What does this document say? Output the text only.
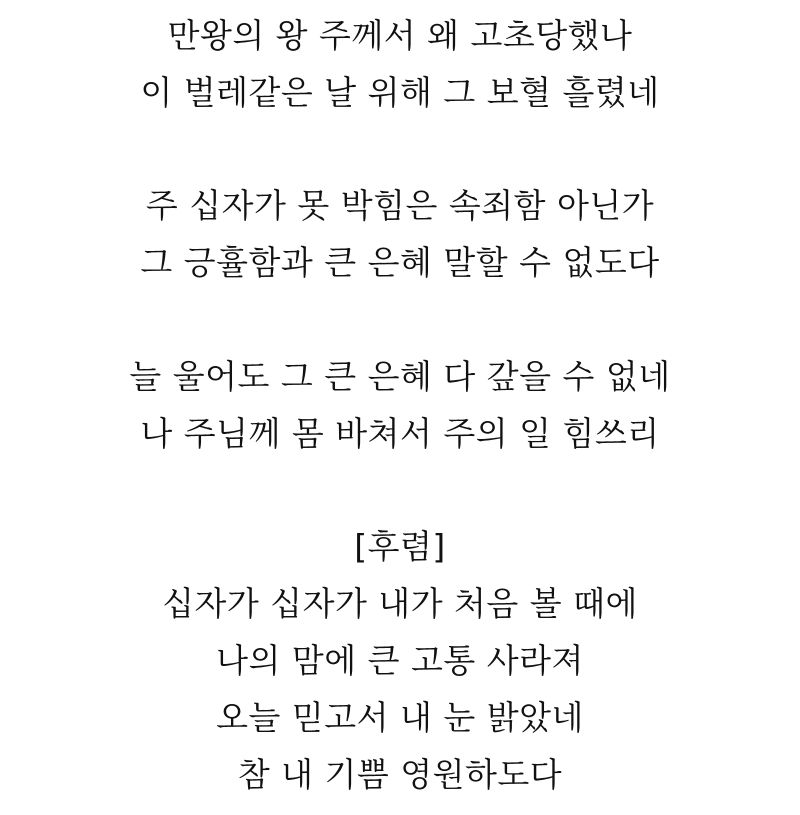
만왕의 왕 주께서 왜 고초당했나
이 벌레같은 날 위해 그 보혈 흘렸네
주 십자가 못 박힘은 속죄함 아닌가
그 긍휼함과 큰 은혜 말할 수 없도다
늘 울어도 그 큰 은혜 다 갚을 수 없네
나 주님께 몸 바쳐서 주의 일 힘쓰리
[후렴]
십자가 십자가 내가 처음 볼 때에
나의 맘에 큰 고통 사라져
오늘 믿고서 내 눈 밝았네
참 내 기쁨 영원하도다
